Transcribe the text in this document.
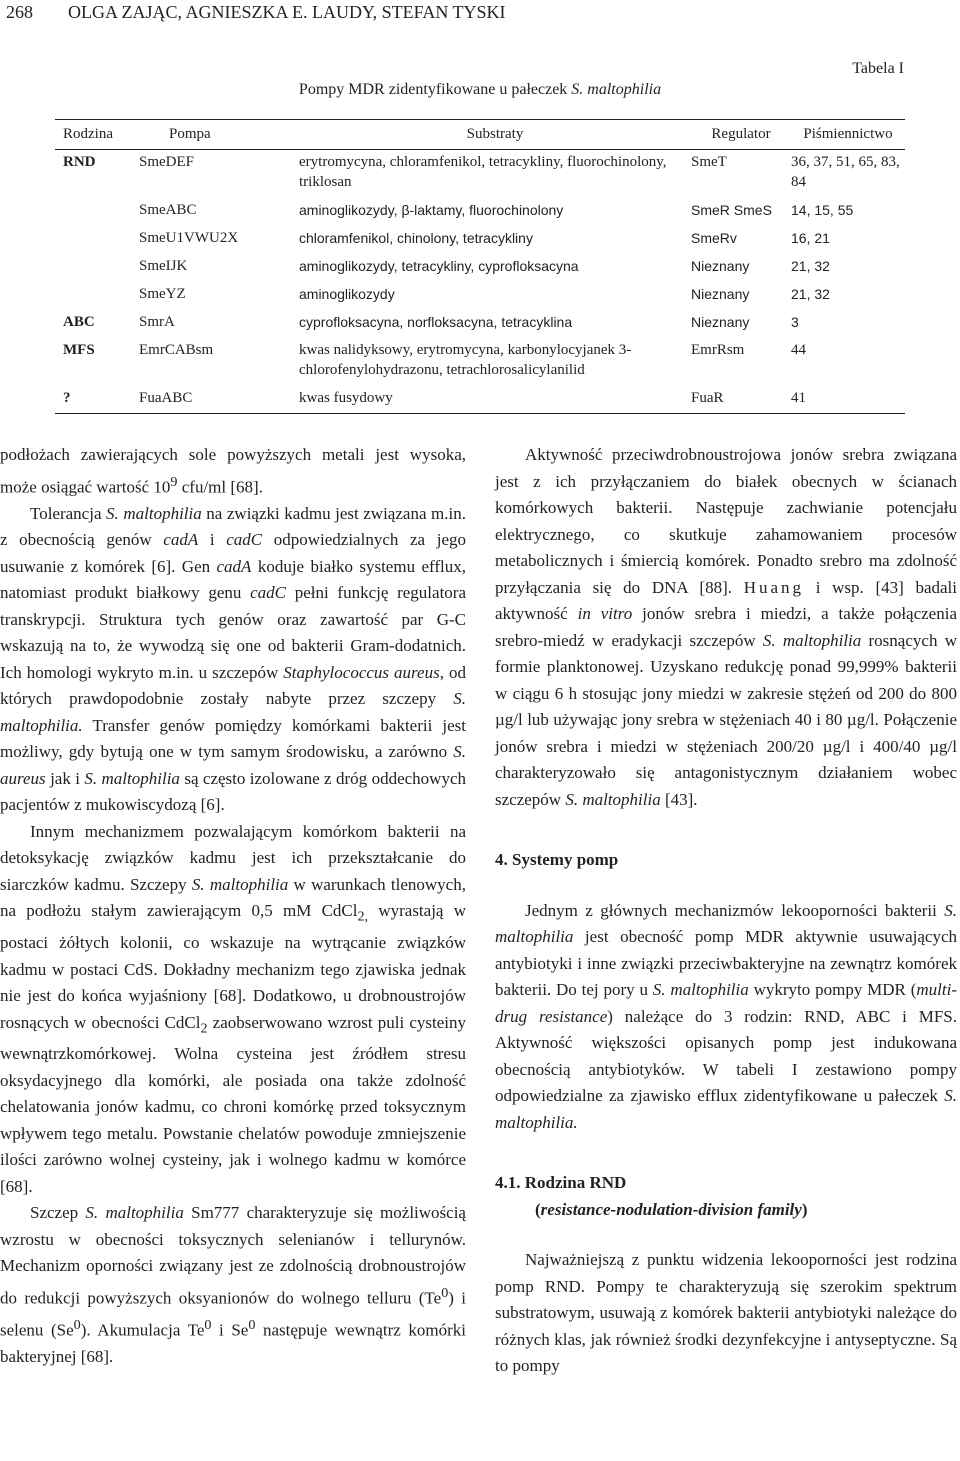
268 OLGA ZAJĄC, AGNIESZKA E. LAUDY, STEFAN TYSKI
Tabela I
Pompy MDR zidentyfikowane u pałeczek S. maltophilia
Rodzina	Pompa	Substraty	Regulator	Piśmiennictwo
RND	SmeDEF	erytromycyna, chloramfenikol, tetracykliny, fluorochinolony, triklosan	SmeT	36, 37, 51, 65, 83, 84
	SmeABC	aminoglikozydy, β-laktamy, fluorochinolony	SmeR SmeS	14, 15, 55
	SmeU1VWU2X	chloramfenikol, chinolony, tetracykliny	SmeRv	16, 21
	SmeIJK	aminoglikozydy, tetracykliny, cyprofloksacyna	Nieznany	21, 32
	SmeYZ	aminoglikozydy	Nieznany	21, 32
ABC	SmrA	cyprofloksacyna, norfloksacyna, tetracyklina	Nieznany	3
MFS	EmrCABsm	kwas nalidyksowy, erytromycyna, karbonylocyjanek 3-chlorofenylohydrazonu, tetrachlorosalicylanilid	EmrRsm	44
?	FuaABC	kwas fusydowy	FuaR	41

podłożach zawierających sole powyższych metali jest wysoka, może osiągać wartość $10^9$ cfu/ml [68].

Tolerancja S. maltophilia na związki kadmu jest związana m.in. z obecnością genów cadA i cadC odpowiedzialnych za jego usuwanie z komórek [6]. Gen cadA koduje białko systemu efflux, natomiast produkt białkowy genu cadC pełni funkcję regulatora transkrypcji. Struktura tych genów oraz zawartość par G-C wskazują na to, że wywodzą się one od bakterii Gram-dodatnich. Ich homologi wykryto m.in. u szczepów Staphylococcus aureus, od których prawdopodobnie zostały nabyte przez szczepy S. maltophilia. Transfer genów pomiędzy komórkami bakterii jest możliwy, gdy bytują one w tym samym środowisku, a zarówno S. aureus jak i S. maltophilia są często izolowane z dróg oddechowych pacjentów z mukowiscydozą [6].

Innym mechanizmem pozwalającym komórkom bakterii na detoksykację związków kadmu jest ich przekształcanie do siarczków kadmu. Szczepy S. maltophilia w warunkach tlenowych, na podłożu stałym zawierającym 0,5 mM CdCl$_{2,}$ wyrastają w postaci żółtych kolonii, co wskazuje na wytrącanie związków kadmu w postaci CdS. Dokładny mechanizm tego zjawiska jednak nie jest do końca wyjaśniony [68]. Dodatkowo, u drobnoustrojów rosnących w obecności CdCl$_2$ zaobserwowano wzrost puli cysteiny wewnątrzkomórkowej. Wolna cysteina jest źródłem stresu oksydacyjnego dla komórki, ale posiada ona także zdolność chelatowania jonów kadmu, co chroni komórkę przed toksycznym wpływem tego metalu. Powstanie chelatów powoduje zmniejszenie ilości zarówno wolnej cysteiny, jak i wolnego kadmu w komórce [68].

Szczep S. maltophilia Sm777 charakteryzuje się możliwością wzrostu w obecności toksycznych selenianów i tellurynów. Mechanizm oporności związany jest ze zdolnością drobnoustrojów do redukcji powyższych oksyanionów do wolnego telluru (Te$^0$) i selenu (Se$^0$). Akumulacja Te$^0$ i Se$^0$ następuje wewnątrz komórki bakteryjnej [68].

Aktywność przeciwdrobnoustrojowa jonów srebra związana jest z ich przyłączaniem do białek obecnych w ścianach komórkowych bakterii. Następuje zachwianie potencjału elektrycznego, co skutkuje zahamowaniem procesów metabolicznych i śmiercią komórek. Ponadto srebro ma zdolność przyłączania się do DNA [88]. Huang i wsp. [43] badali aktywność in vitro jonów srebra i miedzi, a także połączenia srebro-miedź w eradykacji szczepów S. maltophilia rosnących w formie planktonowej. Uzyskano redukcję ponad 99,999% bakterii w ciągu 6 h stosując jony miedzi w zakresie stężeń od 200 do 800 µg/l lub używając jony srebra w stężeniach 40 i 80 µg/l. Połączenie jonów srebra i miedzi w stężeniach 200/20 µg/l i 400/40 µg/l charakteryzowało się antagonistycznym działaniem wobec szczepów S. maltophilia [43].

4. Systemy pomp

Jednym z głównych mechanizmów lekooporności bakterii S. maltophilia jest obecność pomp MDR aktywnie usuwających antybiotyki i inne związki przeciwbakteryjne na zewnątrz komórek bakterii. Do tej pory u S. maltophilia wykryto pompy MDR (multi-drug resistance) należące do 3 rodzin: RND, ABC i MFS. Aktywność większości opisanych pomp jest indukowana obecnością antybiotyków. W tabeli I zestawiono pompy odpowiedzialne za zjawisko efflux zidentyfikowane u pałeczek S. maltophilia.

4.1. Rodzina RND
(resistance-nodulation-division family)

Najważniejszą z punktu widzenia lekooporności jest rodzina pomp RND. Pompy te charakteryzują się szerokim spektrum substratowym, usuwają z komórek bakterii antybiotyki należące do różnych klas, jak również środki dezynfekcyjne i antyseptyczne. Są to pompy
